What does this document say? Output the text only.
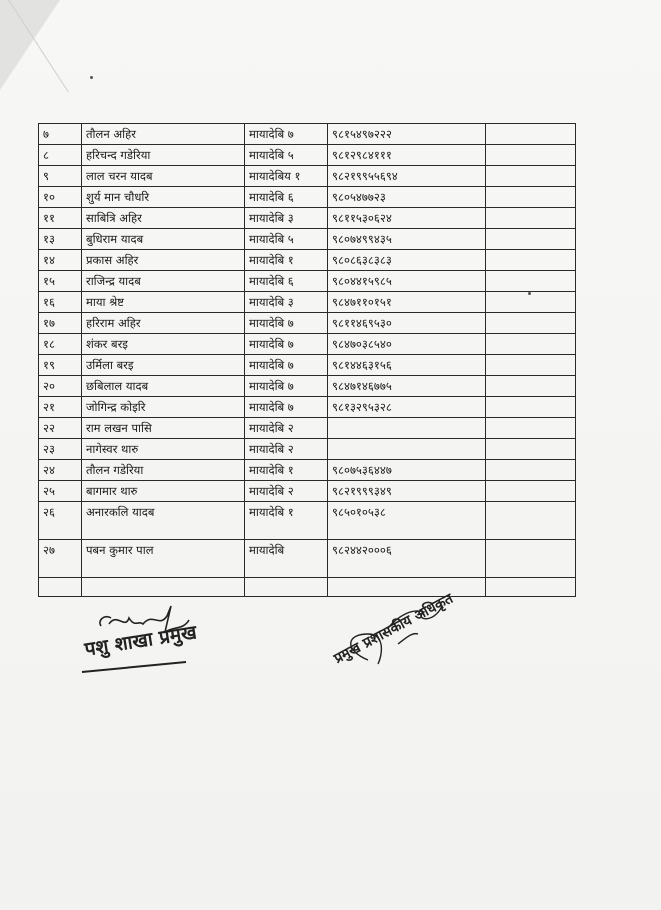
७	तौलन अहिर	मायादेबि ७	९८१५४९७२२२	
८	हरिचन्द गडेरिया	मायादेबि ५	९८१२९८४१११	
९	लाल चरन यादब	मायादेबिय १	९८२१९९५५६९४	
१०	शुर्य मान चौधरि	मायादेबि ६	९८०५४७७२३	
११	साबित्रि अहिर	मायादेबि ३	९८११५३०६२४	
१३	बुधिराम यादब	मायादेबि ५	९८०७४९९४३५	
१४	प्रकास अहिर	मायादेबि १	९८०८६३८३८३	
१५	राजिन्द्र यादब	मायादेबि ६	९८०४४१५९८५	
१६	माया श्रेष्ट	मायादेबि ३	९८४७११०१५१	
१७	हरिराम अहिर	मायादेबि ७	९८११४६९५३०	
१८	शंकर बरइ	मायादेबि ७	९८४७०३८५४०	
१९	उर्मिला बरइ	मायादेबि ७	९८१४४६३१५६	
२०	छबिलाल यादब	मायादेबि ७	९८४७१४६७७५	
२१	जोगिन्द्र कोइरि	मायादेबि ७	९८१३२९५३२८	
२२	राम लखन पासि	मायादेबि २		
२३	नागेस्वर थारु	मायादेबि २		
२४	तौलन गडेरिया	मायादेबि १	९८०७५३६४४७	
२५	बागमार थारु	मायादेबि २	९८२१९९९३४९	
२६	अनारकलि यादब	मायादेबि १	९८५०१०५३८	
२७	पबन कुमार पाल	मायादेबि	९८२४४२०००६	

पशु शाखा प्रमुख	प्रमुख प्रशासकीय अधिकृत
